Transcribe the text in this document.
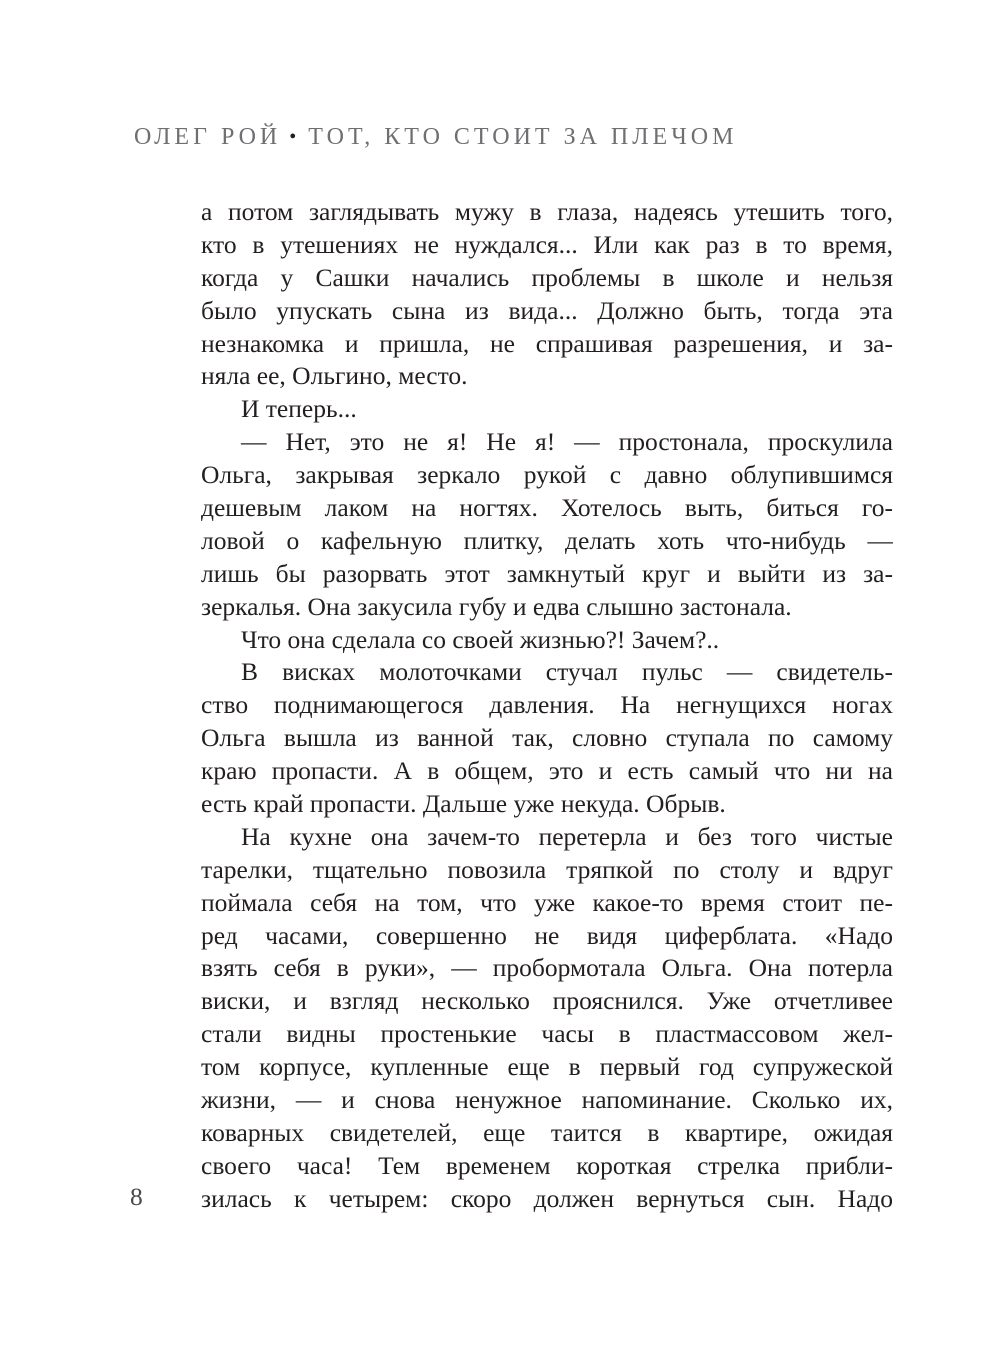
ОЛЕГ РОЙ • ТОТ, КТО СТОИТ ЗА ПЛЕЧОМ
а потом заглядывать мужу в глаза, надеясь утешить того,
кто в утешениях не нуждался... Или как раз в то время,
когда у Сашки начались проблемы в школе и нельзя
было упускать сына из вида... Должно быть, тогда эта
незнакомка и пришла, не спрашивая разрешения, и за-
няла ее, Ольгино, место.
И теперь...
— Нет, это не я! Не я! — простонала, проскулила
Ольга, закрывая зеркало рукой с давно облупившимся
дешевым лаком на ногтях. Хотелось выть, биться го-
ловой о кафельную плитку, делать хоть что-нибудь —
лишь бы разорвать этот замкнутый круг и выйти из за-
зеркалья. Она закусила губу и едва слышно застонала.
Что она сделала со своей жизнью?! Зачем?..
В висках молоточками стучал пульс — свидетель-
ство поднимающегося давления. На негнущихся ногах
Ольга вышла из ванной так, словно ступала по самому
краю пропасти. А в общем, это и есть самый что ни на
есть край пропасти. Дальше уже некуда. Обрыв.
На кухне она зачем-то перетерла и без того чистые
тарелки, тщательно повозила тряпкой по столу и вдруг
поймала себя на том, что уже какое-то время стоит пе-
ред часами, совершенно не видя циферблата. «Надо
взять себя в руки», — пробормотала Ольга. Она потерла
виски, и взгляд несколько прояснился. Уже отчетливее
стали видны простенькие часы в пластмассовом жел-
том корпусе, купленные еще в первый год супружеской
жизни, — и снова ненужное напоминание. Сколько их,
коварных свидетелей, еще таится в квартире, ожидая
своего часа! Тем временем короткая стрелка прибли-
зилась к четырем: скоро должен вернуться сын. Надо
8
